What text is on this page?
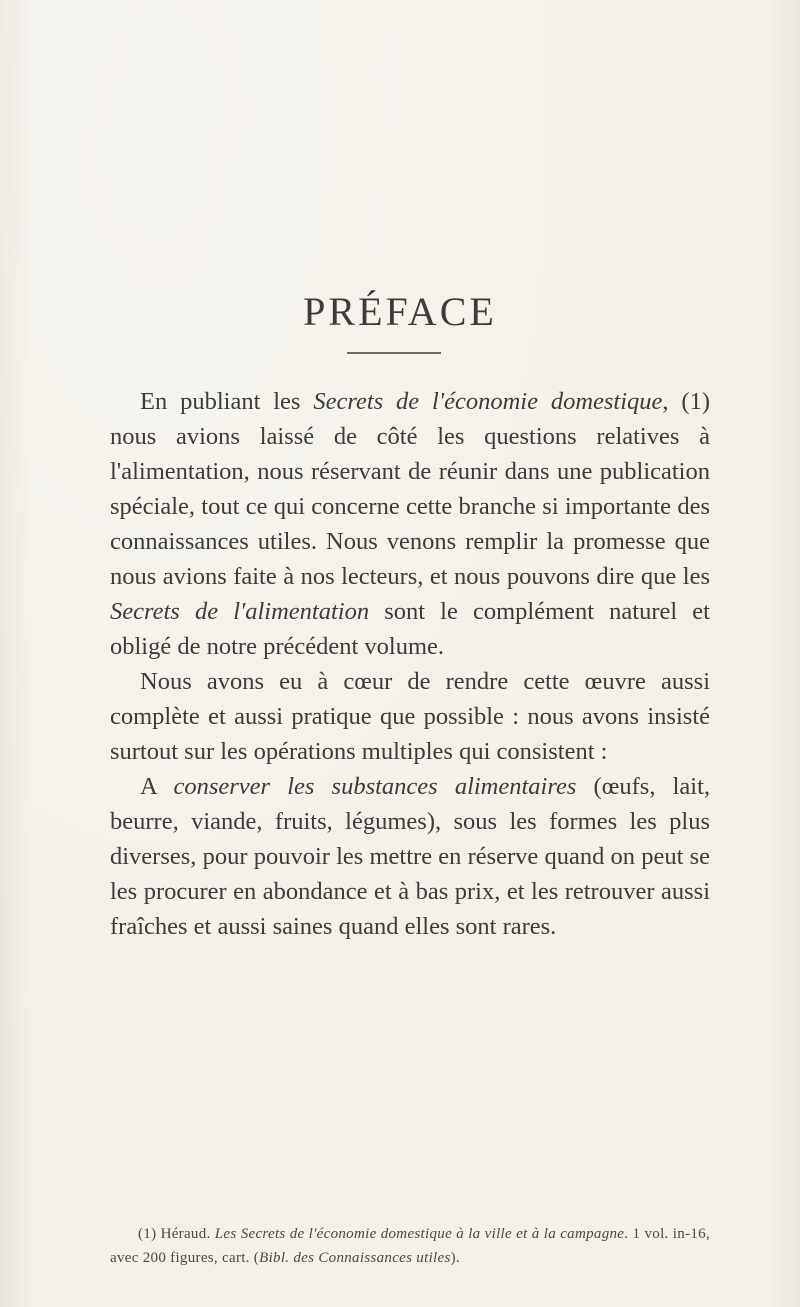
PRÉFACE

En publiant les Secrets de l'économie domestique, (1) nous avions laissé de côté les questions relatives à l'alimentation, nous réservant de réunir dans une publication spéciale, tout ce qui concerne cette branche si importante des connaissances utiles. Nous venons remplir la promesse que nous avions faite à nos lecteurs, et nous pouvons dire que les Secrets de l'alimentation sont le complément naturel et obligé de notre précédent volume.

Nous avons eu à cœur de rendre cette œuvre aussi complète et aussi pratique que possible : nous avons insisté surtout sur les opérations multiples qui consistent :

A conserver les substances alimentaires (œufs, lait, beurre, viande, fruits, légumes), sous les formes les plus diverses, pour pouvoir les mettre en réserve quand on peut se les procurer en abondance et à bas prix, et les retrouver aussi fraîches et aussi saines quand elles sont rares.

(1) Héraud. Les Secrets de l'économie domestique à la ville et à la campagne. 1 vol. in-16, avec 200 figures, cart. (Bibl. des Connaissances utiles).
